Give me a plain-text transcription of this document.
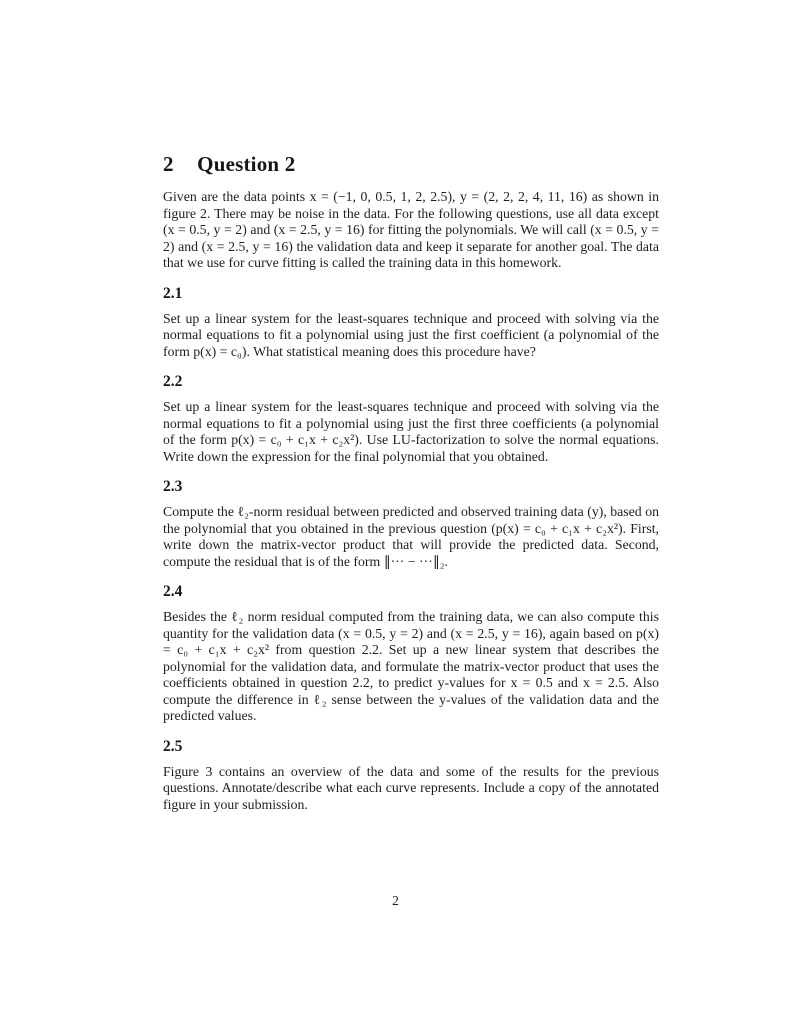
2 Question 2

Given are the data points x = (−1, 0, 0.5, 1, 2, 2.5), y = (2, 2, 2, 4, 11, 16) as shown in figure 2. There may be noise in the data. For the following questions, use all data except (x = 0.5, y = 2) and (x = 2.5, y = 16) for fitting the polynomials. We will call (x = 0.5, y = 2) and (x = 2.5, y = 16) the validation data and keep it separate for another goal. The data that we use for curve fitting is called the training data in this homework.

2.1

Set up a linear system for the least-squares technique and proceed with solving via the normal equations to fit a polynomial using just the first coefficient (a polynomial of the form p(x) = c₀). What statistical meaning does this procedure have?

2.2

Set up a linear system for the least-squares technique and proceed with solving via the normal equations to fit a polynomial using just the first three coefficients (a polynomial of the form p(x) = c₀ + c₁x + c₂x²). Use LU-factorization to solve the normal equations. Write down the expression for the final polynomial that you obtained.

2.3

Compute the ℓ₂-norm residual between predicted and observed training data (y), based on the polynomial that you obtained in the previous question (p(x) = c₀ + c₁x + c₂x²). First, write down the matrix-vector product that will provide the predicted data. Second, compute the residual that is of the form ∥··· − ···∥₂.

2.4

Besides the ℓ₂ norm residual computed from the training data, we can also compute this quantity for the validation data (x = 0.5, y = 2) and (x = 2.5, y = 16), again based on p(x) = c₀ + c₁x + c₂x² from question 2.2. Set up a new linear system that describes the polynomial for the validation data, and formulate the matrix-vector product that uses the coefficients obtained in question 2.2, to predict y-values for x = 0.5 and x = 2.5. Also compute the difference in ℓ₂ sense between the y-values of the validation data and the predicted values.

2.5

Figure 3 contains an overview of the data and some of the results for the previous questions. Annotate/describe what each curve represents. Include a copy of the annotated figure in your submission.

2
